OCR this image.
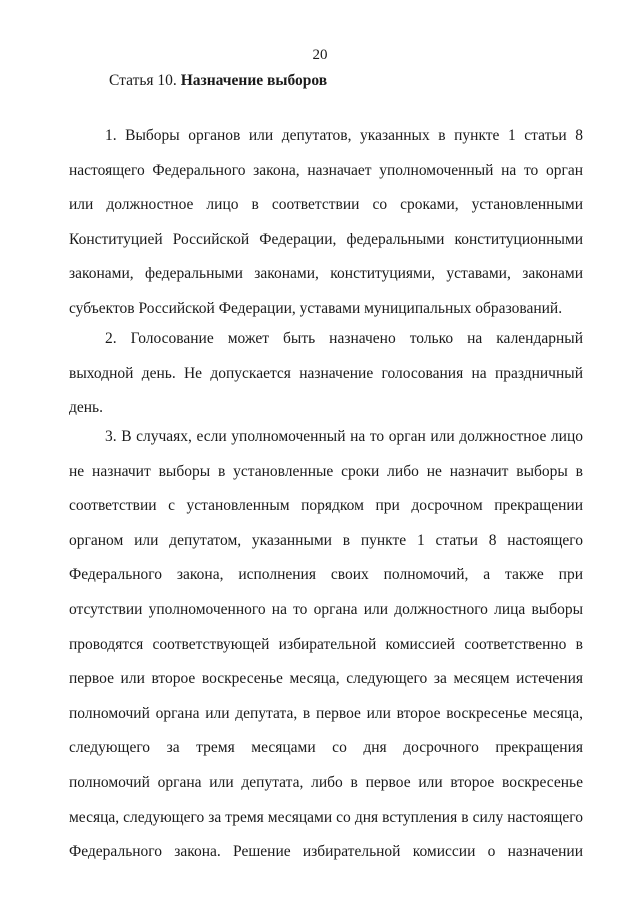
20
Статья 10. Назначение выборов
1. Выборы органов или депутатов, указанных в пункте 1 статьи 8
настоящего Федерального закона, назначает уполномоченный на то орган
или должностное лицо в соответствии со сроками, установленными
Конституцией Российской Федерации, федеральными конституционными
законами, федеральными законами, конституциями, уставами, законами
субъектов Российской Федерации, уставами муниципальных образований.
2. Голосование может быть назначено только на календарный
выходной день. Не допускается назначение голосования на праздничный
день.
3. В случаях, если уполномоченный на то орган или должностное лицо
не назначит выборы в установленные сроки либо не назначит выборы в
соответствии с установленным порядком при досрочном прекращении
органом или депутатом, указанными в пункте 1 статьи 8 настоящего
Федерального закона, исполнения своих полномочий, а также при
отсутствии уполномоченного на то органа или должностного лица выборы
проводятся соответствующей избирательной комиссией соответственно в
первое или второе воскресенье месяца, следующего за месяцем истечения
полномочий органа или депутата, в первое или второе воскресенье месяца,
следующего за тремя месяцами со дня досрочного прекращения
полномочий органа или депутата, либо в первое или второе воскресенье
месяца, следующего за тремя месяцами со дня вступления в силу настоящего
Федерального закона. Решение избирательной комиссии о назначении
